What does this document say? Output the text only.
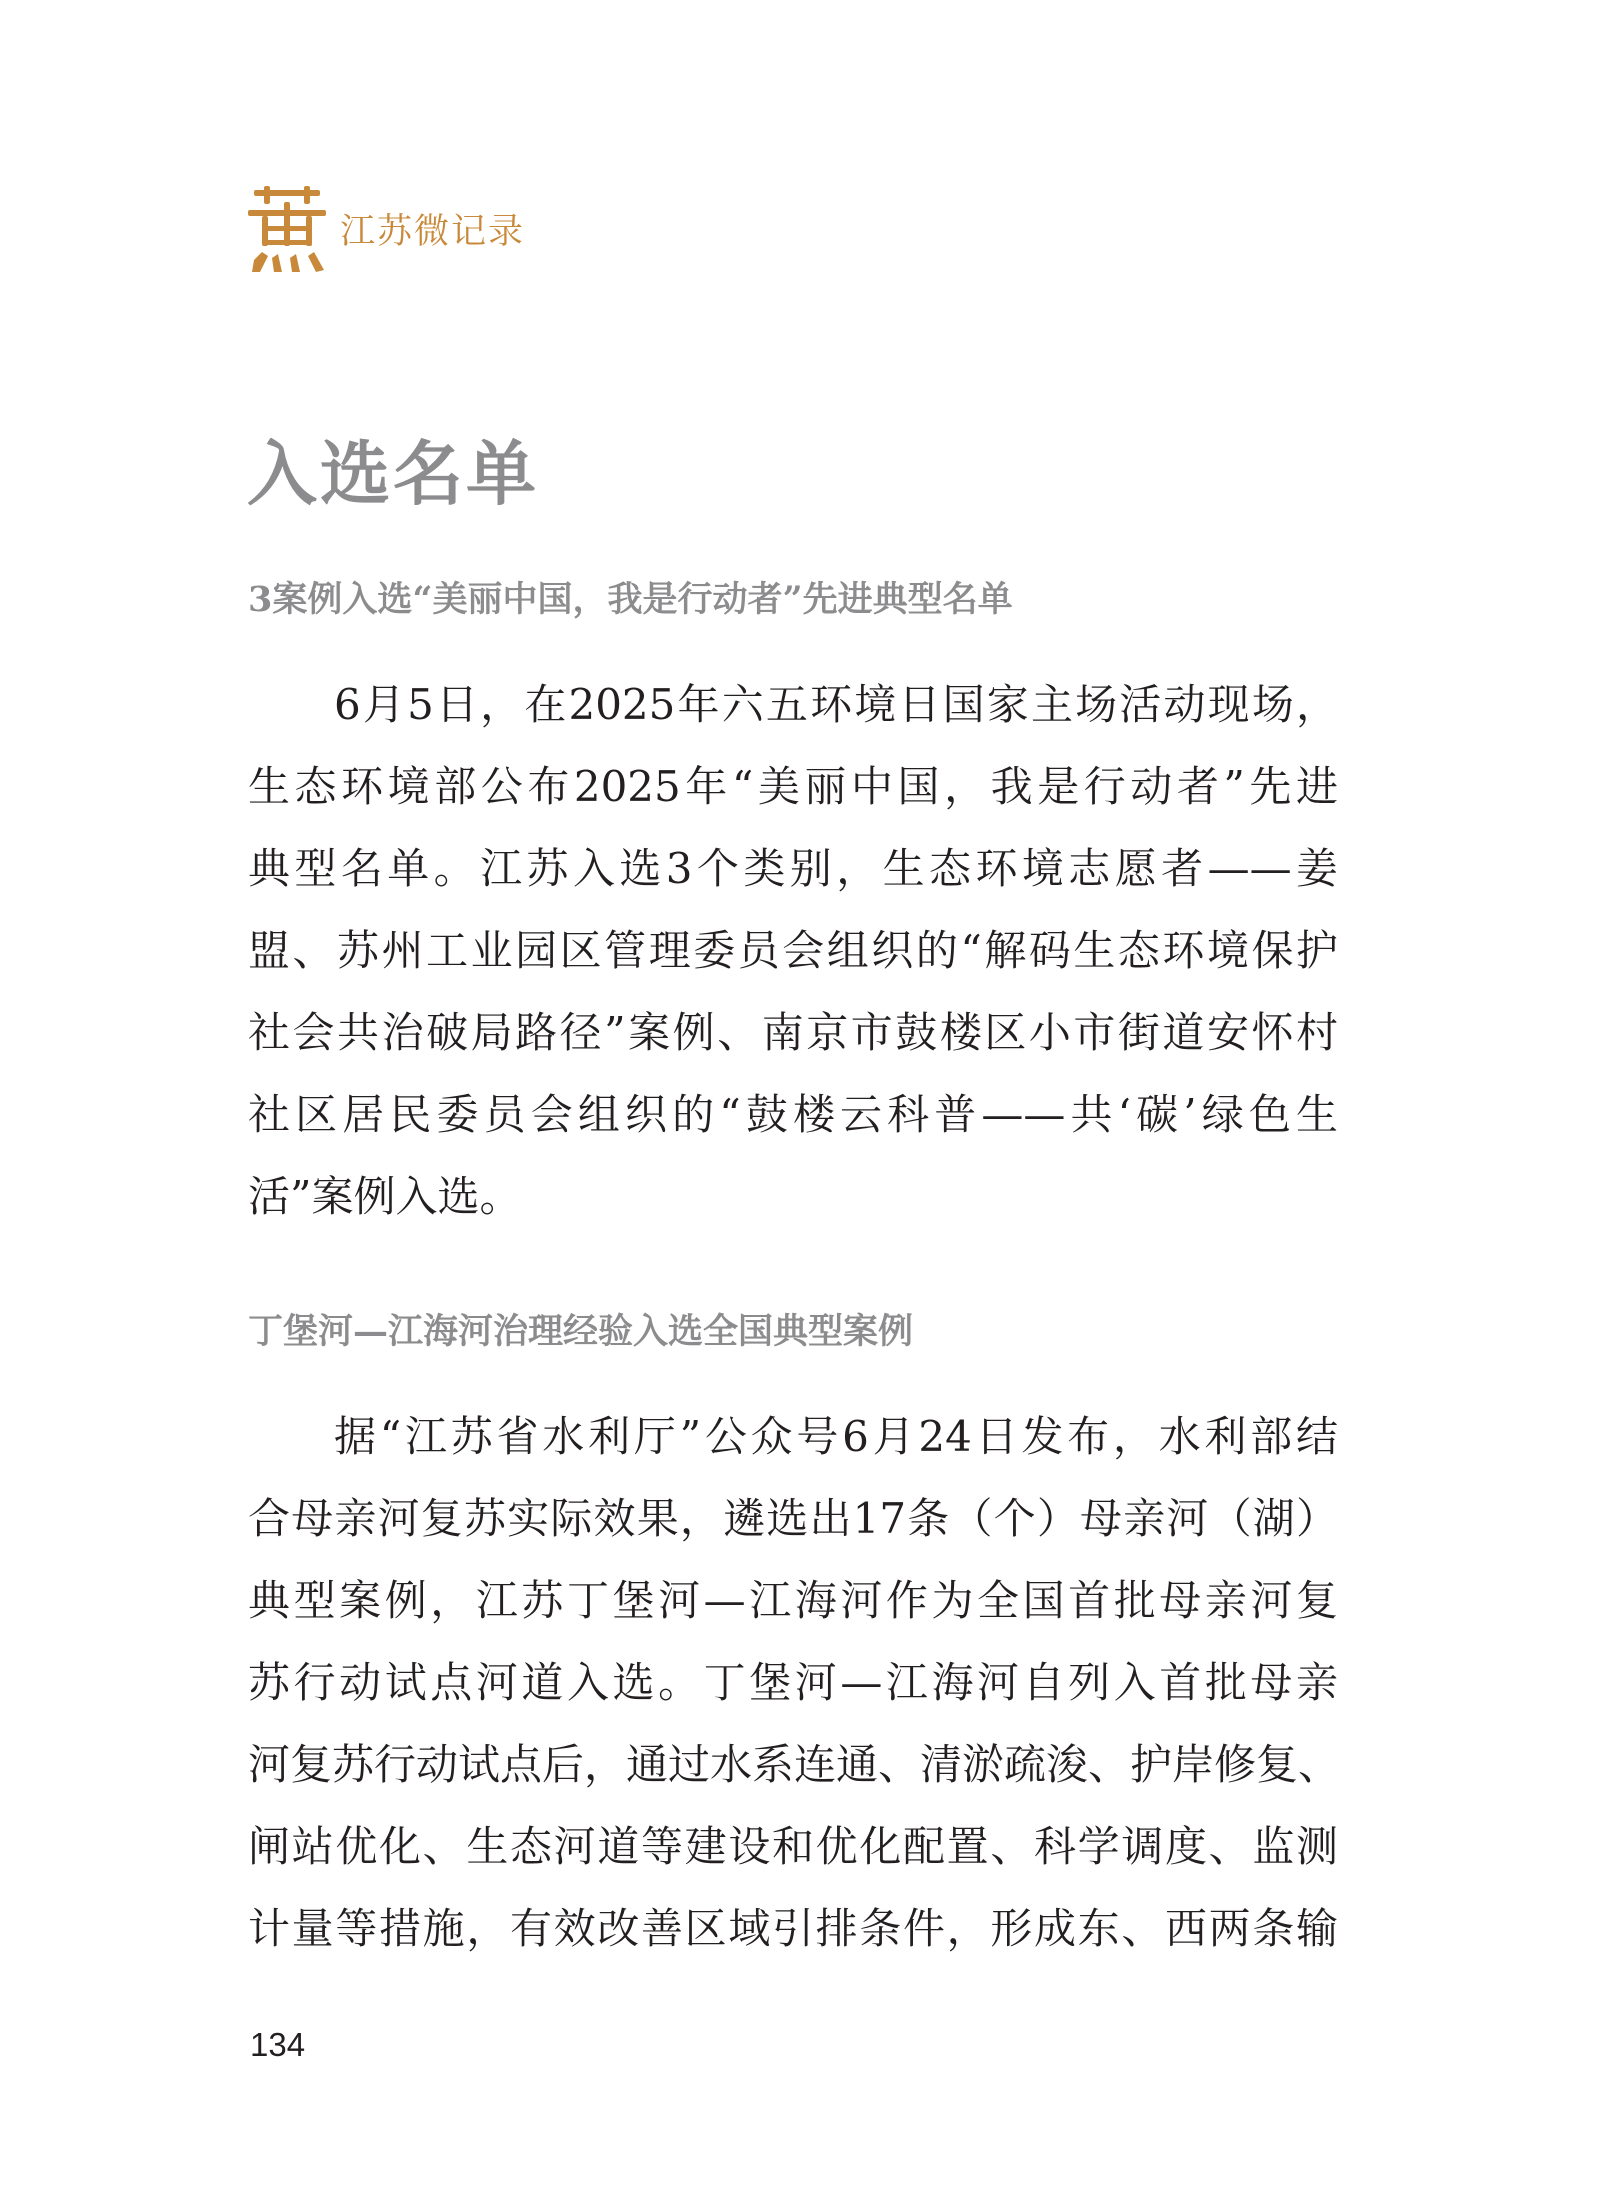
江苏微记录
入选名单
3案例入选“美丽中国，我是行动者”先进典型名单
6月5日，在2025年六五环境日国家主场活动现场，
生态环境部公布2025年“美丽中国，我是行动者”先进
典型名单。江苏入选3个类别，生态环境志愿者——姜
盟、苏州工业园区管理委员会组织的“解码生态环境保护
社会共治破局路径”案例、南京市鼓楼区小市街道安怀村
社区居民委员会组织的“鼓楼云科普——共‘碳’绿色生
活”案例入选。
丁堡河—江海河治理经验入选全国典型案例
据“江苏省水利厅”公众号6月24日发布，水利部结
合母亲河复苏实际效果，遴选出17条（个）母亲河（湖）
典型案例，江苏丁堡河—江海河作为全国首批母亲河复
苏行动试点河道入选。丁堡河—江海河自列入首批母亲
河复苏行动试点后，通过水系连通、清淤疏浚、护岸修复、
闸站优化、生态河道等建设和优化配置、科学调度、监测
计量等措施，有效改善区域引排条件，形成东、西两条输
134
